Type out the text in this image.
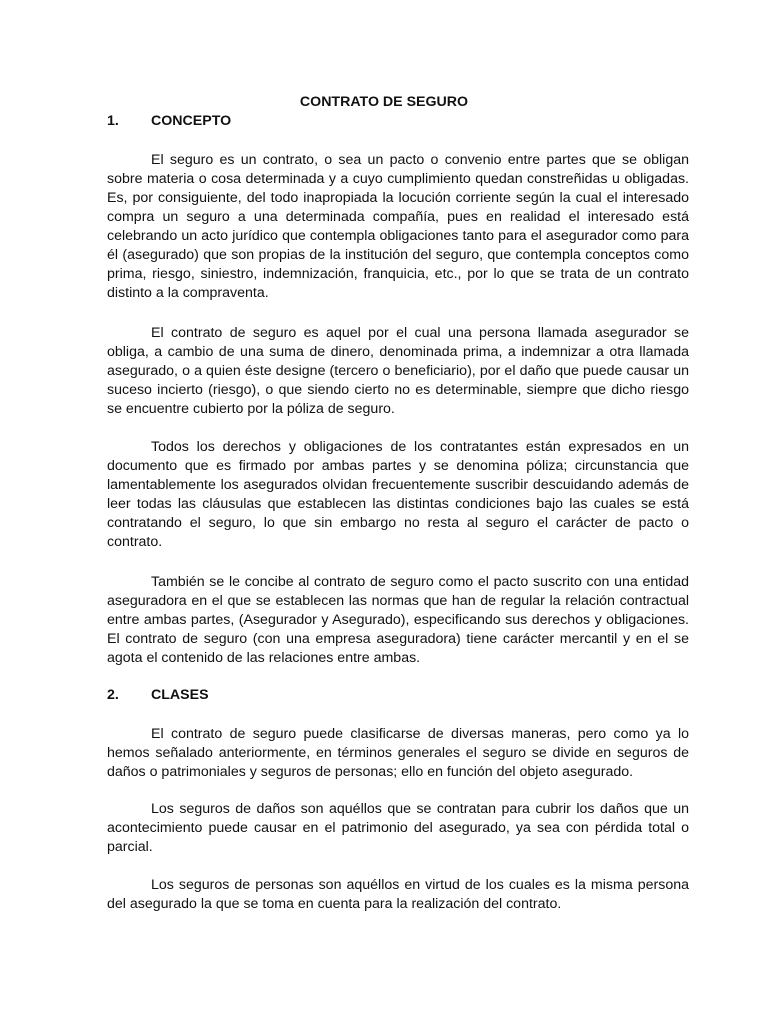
CONTRATO DE SEGURO
1.	CONCEPTO

El seguro es un contrato, o sea un pacto o convenio entre partes que se obligan sobre materia o cosa determinada y a cuyo cumplimiento quedan constreñidas u obligadas. Es, por consiguiente, del todo inapropiada la locución corriente según la cual el interesado compra un seguro a una determinada compañía, pues en realidad el interesado está celebrando un acto jurídico que contempla obligaciones tanto para el asegurador como para él (asegurado) que son propias de la institución del seguro, que contempla conceptos como prima, riesgo, siniestro, indemnización, franquicia, etc., por lo que se trata de un contrato distinto a la compraventa.

El contrato de seguro es aquel por el cual una persona llamada asegurador se obliga, a cambio de una suma de dinero, denominada prima, a indemnizar a otra llamada asegurado, o a quien éste designe (tercero o beneficiario), por el daño que puede causar un suceso incierto (riesgo), o que siendo cierto no es determinable, siempre que dicho riesgo se encuentre cubierto por la póliza de seguro.

Todos los derechos y obligaciones de los contratantes están expresados en un documento que es firmado por ambas partes y se denomina póliza; circunstancia que lamentablemente los asegurados olvidan frecuentemente suscribir descuidando además de leer todas las cláusulas que establecen las distintas condiciones bajo las cuales se está contratando el seguro, lo que sin embargo no resta al seguro el carácter de pacto o contrato.

También se le concibe al contrato de seguro como el pacto suscrito con una entidad aseguradora en el que se establecen las normas que han de regular la relación contractual entre ambas partes, (Asegurador y Asegurado), especificando sus derechos y obligaciones. El contrato de seguro (con una empresa aseguradora) tiene carácter mercantil y en el se agota el contenido de las relaciones entre ambas.

2.	CLASES

El contrato de seguro puede clasificarse de diversas maneras, pero como ya lo hemos señalado anteriormente, en términos generales el seguro se divide en seguros de daños o patrimoniales y seguros de personas; ello en función del objeto asegurado.

Los seguros de daños son aquéllos que se contratan para cubrir los daños que un acontecimiento puede causar en el patrimonio del asegurado, ya sea con pérdida total o parcial.

Los seguros de personas son aquéllos en virtud de los cuales es la misma persona del asegurado la que se toma en cuenta para la realización del contrato.
